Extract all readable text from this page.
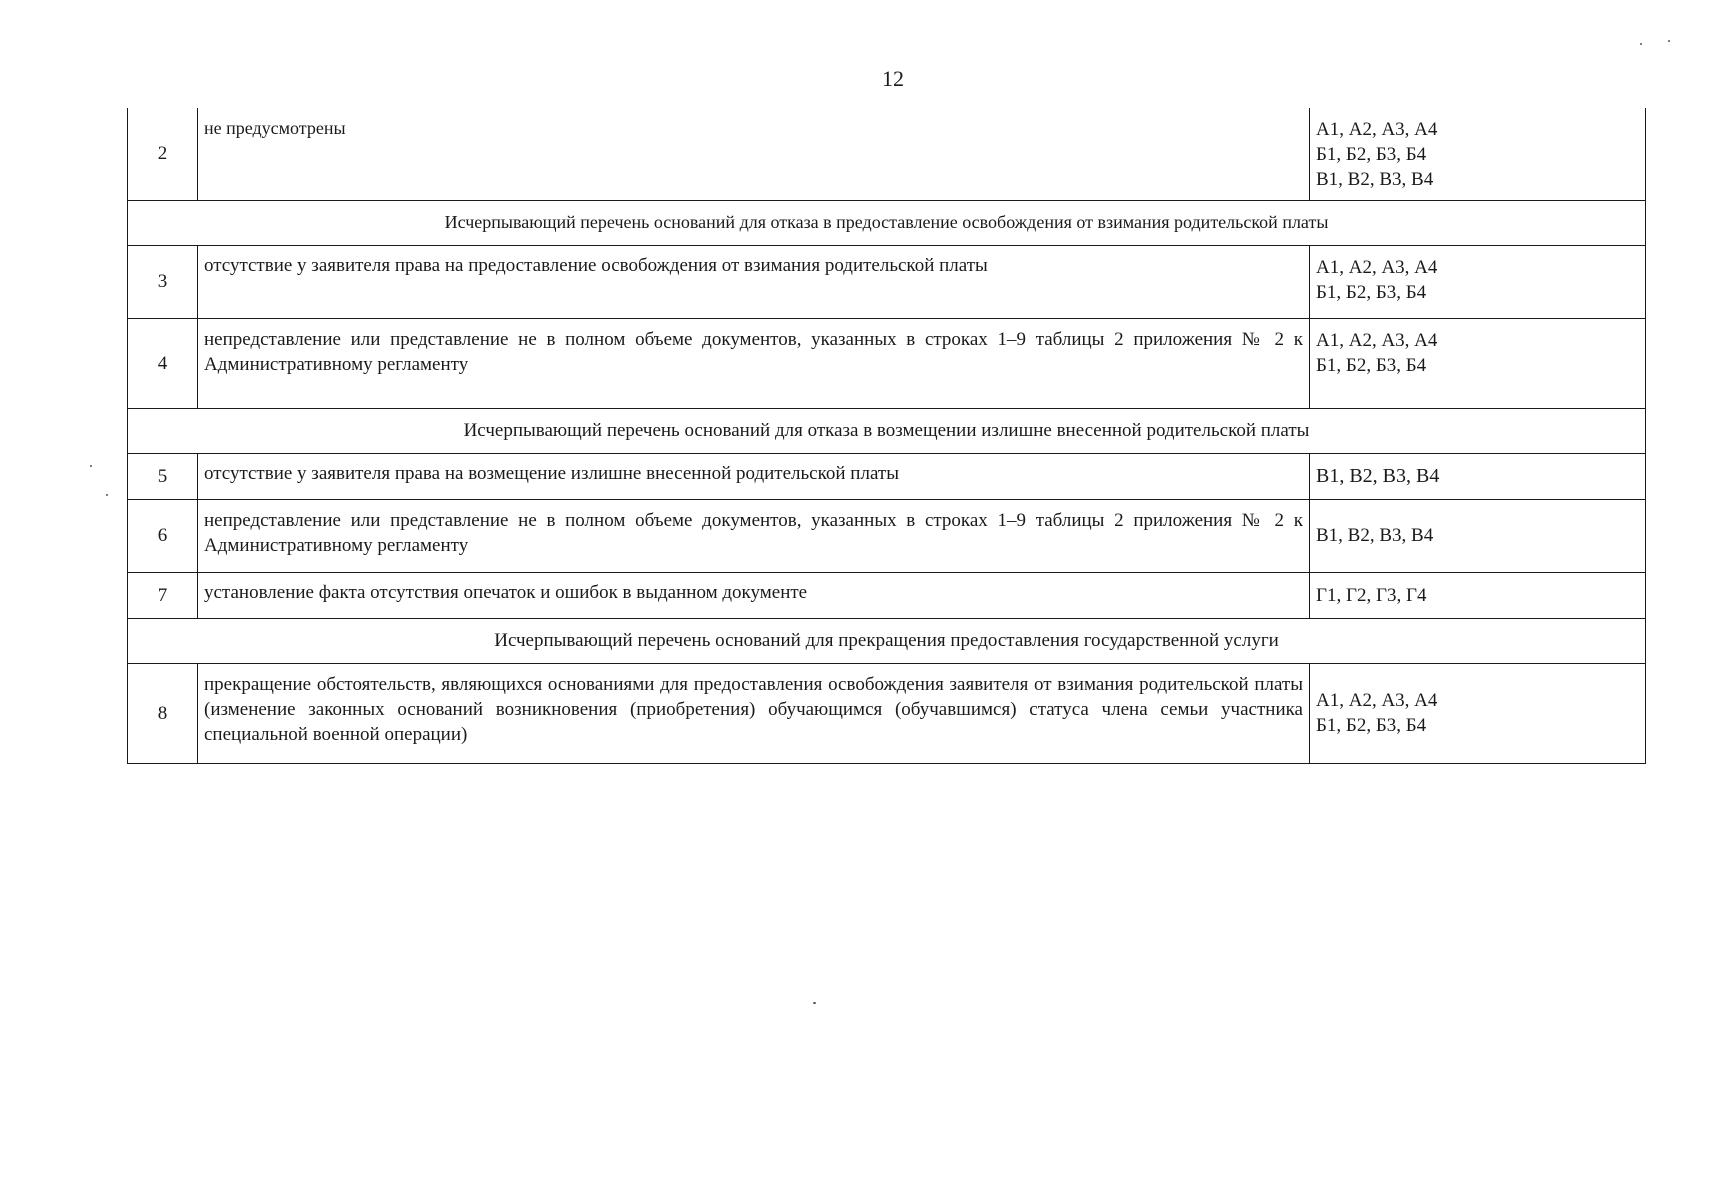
12
2	не предусмотрены	А1, А2, А3, А4
Б1, Б2, Б3, Б4
В1, В2, В3, В4

Исчерпывающий перечень оснований для отказа в предоставление освобождения от взимания родительской платы		
3	отсутствие у заявителя права на предоставление освобождения от взимания родительской платы	А1, А2, А3, А4
Б1, Б2, Б3, Б4

4	непредставление или представление не в полном объеме документов, указанных в строках 1–9 таблицы 2 приложения № 2 к Административному регламенту	А1, А2, А3, А4
Б1, Б2, Б3, Б4

Исчерпывающий перечень оснований для отказа в возмещении излишне внесенной родительской платы		
5	отсутствие у заявителя права на возмещение излишне внесенной родительской платы	В1, В2, В3, В4

6	непредставление или представление не в полном объеме документов, указанных в строках 1–9 таблицы 2 приложения № 2 к Административному регламенту	В1, В2, В3, В4

7	установление факта отсутствия опечаток и ошибок в выданном документе	Г1, Г2, Г3, Г4

Исчерпывающий перечень оснований для прекращения предоставления государственной услуги		
8	прекращение обстоятельств, являющихся основаниями для предоставления освобождения заявителя от взимания родительской платы (изменение законных оснований возникновения (приобретения) обучающимся (обучавшимся) статуса члена семьи участника специальной военной операции)	А1, А2, А3, А4
Б1, Б2, Б3, Б4
